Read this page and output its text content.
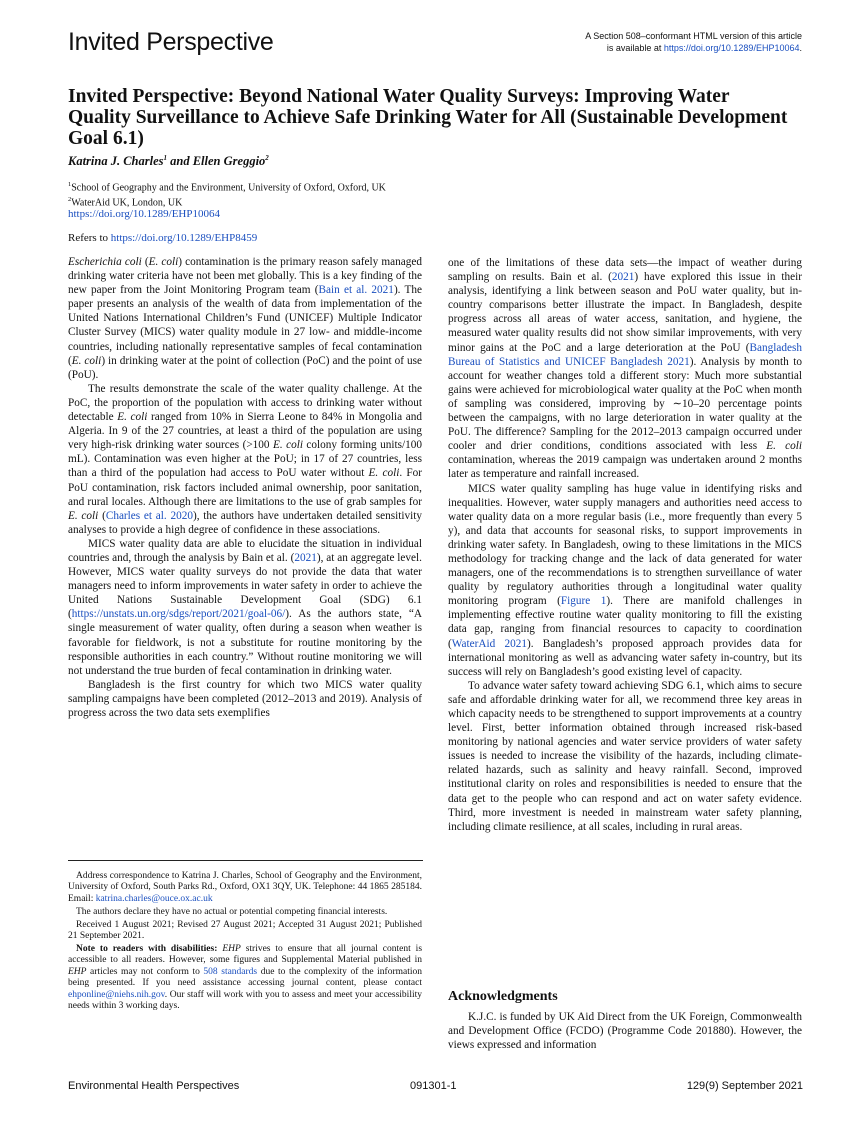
Invited Perspective	A Section 508–conformant HTML version of this article
is available at https://doi.org/10.1289/EHP10064.
Invited Perspective: Beyond National Water Quality Surveys: Improving Water Quality Surveillance to Achieve Safe Drinking Water for All (Sustainable Development Goal 6.1)
Katrina J. Charles$^1$ and Ellen Greggio$^2$
$^1$School of Geography and the Environment, University of Oxford, Oxford, UK
$^2$WaterAid UK, London, UK
https://doi.org/10.1289/EHP10064
Refers to https://doi.org/10.1289/EHP8459

Escherichia coli (E. coli) contamination is the primary reason safely managed drinking water criteria have not been met globally. This is a key finding of the new paper from the Joint Monitoring Program team (Bain et al. 2021). The paper presents an analysis of the wealth of data from implementation of the United Nations International Children’s Fund (UNICEF) Multiple Indicator Cluster Survey (MICS) water quality module in 27 low- and middle-income countries, including nationally representative samples of fecal contamination (E. coli) in drinking water at the point of collection (PoC) and the point of use (PoU).

The results demonstrate the scale of the water quality challenge. At the PoC, the proportion of the population with access to drinking water without detectable E. coli ranged from 10% in Sierra Leone to 84% in Mongolia and Algeria. In 9 of the 27 countries, at least a third of the population are using very high-risk drinking water sources (>100 E. coli colony forming units/100 mL). Contamination was even higher at the PoU; in 17 of 27 countries, less than a third of the population had access to PoU water without E. coli. For PoU contamination, risk factors included animal ownership, poor sanitation, and rural locales. Although there are limitations to the use of grab samples for E. coli (Charles et al. 2020), the authors have undertaken detailed sensitivity analyses to provide a high degree of confidence in these associations.

MICS water quality data are able to elucidate the situation in individual countries and, through the analysis by Bain et al. (2021), at an aggregate level. However, MICS water quality surveys do not provide the data that water managers need to inform improvements in water safety in order to achieve the United Nations Sustainable Development Goal (SDG) 6.1 (https://unstats.un.org/sdgs/report/2021/goal-06/). As the authors state, “A single measurement of water quality, often during a season when weather is favorable for fieldwork, is not a substitute for routine monitoring by the responsible authorities in each country.” Without routine monitoring we will not understand the true burden of fecal contamination in drinking water.

Bangladesh is the first country for which two MICS water quality sampling campaigns have been completed (2012–2013 and 2019). Analysis of progress across the two data sets exemplifies

Address correspondence to Katrina J. Charles, School of Geography and the Environment, University of Oxford, South Parks Rd., Oxford, OX1 3QY, UK. Telephone: 44 1865 285184. Email: katrina.charles@ouce.ox.ac.uk

The authors declare they have no actual or potential competing financial interests.

Received 1 August 2021; Revised 27 August 2021; Accepted 31 August 2021; Published 21 September 2021.

Note to readers with disabilities: EHP strives to ensure that all journal content is accessible to all readers. However, some figures and Supplemental Material published in EHP articles may not conform to 508 standards due to the complexity of the information being presented. If you need assistance accessing journal content, please contact ehponline@niehs.nih.gov. Our staff will work with you to assess and meet your accessibility needs within 3 working days.

one of the limitations of these data sets—the impact of weather during sampling on results. Bain et al. (2021) have explored this issue in their analysis, identifying a link between season and PoU water quality, but in-country comparisons better illustrate the impact. In Bangladesh, despite progress across all areas of water access, sanitation, and hygiene, the measured water quality results did not show similar improvements, with very minor gains at the PoC and a large deterioration at the PoU (Bangladesh Bureau of Statistics and UNICEF Bangladesh 2021). Analysis by month to account for weather changes told a different story: Much more substantial gains were achieved for microbiological water quality at the PoC when month of sampling was considered, improving by ∼10–20 percentage points between the campaigns, with no large deterioration in water quality at the PoU. The difference? Sampling for the 2012–2013 campaign occurred under cooler and drier conditions, conditions associated with less E. coli contamination, whereas the 2019 campaign was undertaken around 2 months later as temperature and rainfall increased.

MICS water quality sampling has huge value in identifying risks and inequalities. However, water supply managers and authorities need access to water quality data on a more regular basis (i.e., more frequently than every 5 y), and data that accounts for seasonal risks, to support improvements in drinking water safety. In Bangladesh, owing to these limitations in the MICS methodology for tracking change and the lack of data generated for water managers, one of the recommendations is to strengthen surveillance of water quality by regulatory authorities through a longitudinal water quality monitoring program (Figure 1). There are manifold challenges in implementing effective routine water quality monitoring to fill the existing data gap, ranging from financial resources to capacity to coordination (WaterAid 2021). Bangladesh’s proposed approach provides data for international monitoring as well as advancing water safety in-country, but its success will rely on Bangladesh’s good existing level of capacity.

To advance water safety toward achieving SDG 6.1, which aims to secure safe and affordable drinking water for all, we recommend three key areas in which capacity needs to be strengthened to support improvements at a country level. First, better information obtained through increased risk-based monitoring by national agencies and water service providers of water safety issues is needed to increase the visibility of the hazards, including climate-related hazards, such as salinity and heavy rainfall. Second, improved institutional clarity on roles and responsibilities is needed to ensure that the data get to the people who can respond and act on water safety evidence. Third, more investment is needed in mainstream water safety planning, including climate resilience, at all scales, including in rural areas.

Acknowledgments

K.J.C. is funded by UK Aid Direct from the UK Foreign, Commonwealth and Development Office (FCDO) (Programme Code 201880). However, the views expressed and information

Environmental Health Perspectives	091301-1	129(9) September 2021
